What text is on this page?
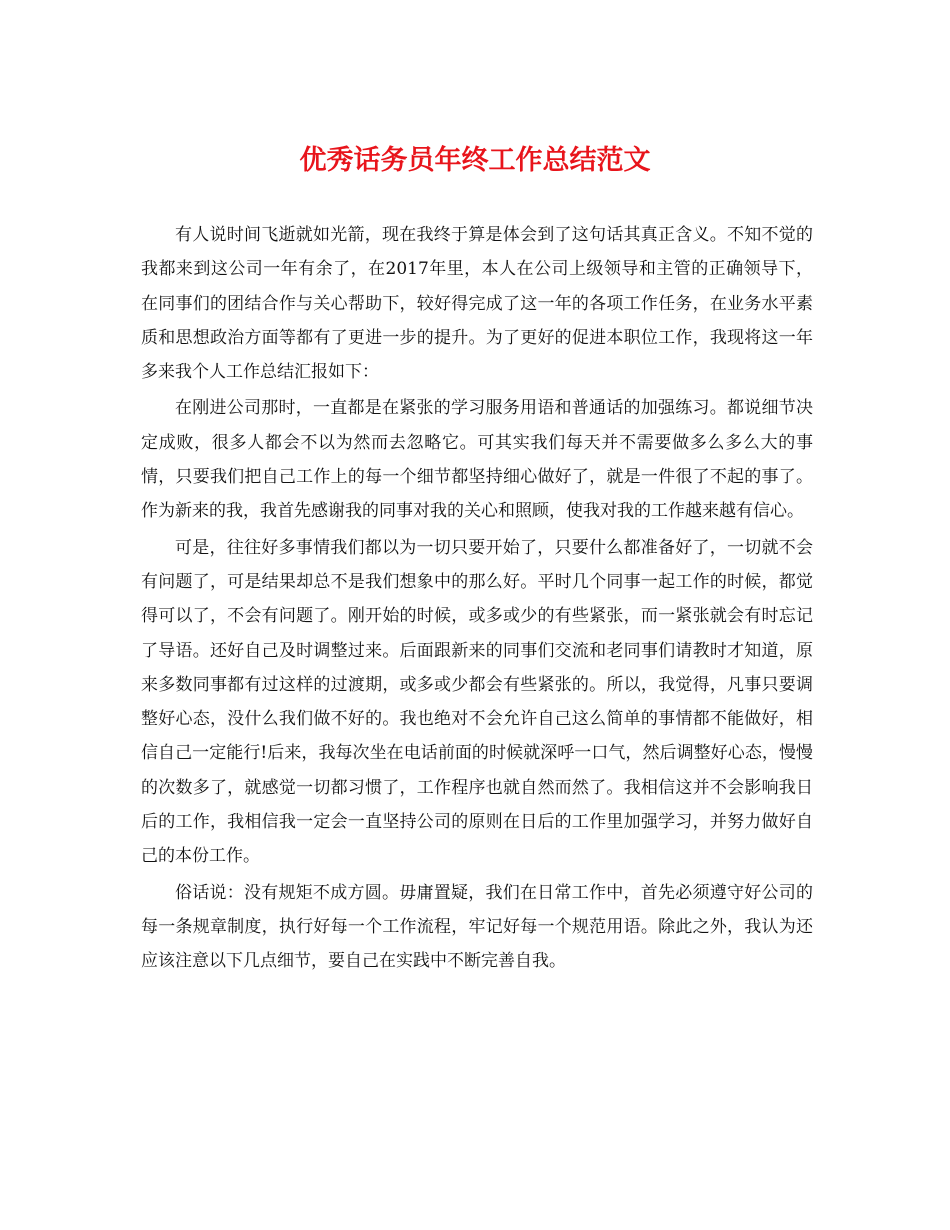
优秀话务员年终工作总结范文

有人说时间飞逝就如光箭，现在我终于算是体会到了这句话其真正含义。不知不觉的我都来到这公司一年有余了，在2017年里，本人在公司上级领导和主管的正确领导下，在同事们的团结合作与关心帮助下，较好得完成了这一年的各项工作任务，在业务水平素质和思想政治方面等都有了更进一步的提升。为了更好的促进本职位工作，我现将这一年多来我个人工作总结汇报如下：

在刚进公司那时，一直都是在紧张的学习服务用语和普通话的加强练习。都说细节决定成败，很多人都会不以为然而去忽略它。可其实我们每天并不需要做多么多么大的事情，只要我们把自己工作上的每一个细节都坚持细心做好了，就是一件很了不起的事了。作为新来的我，我首先感谢我的同事对我的关心和照顾，使我对我的工作越来越有信心。

可是，往往好多事情我们都以为一切只要开始了，只要什么都准备好了，一切就不会有问题了，可是结果却总不是我们想象中的那么好。平时几个同事一起工作的时候，都觉得可以了，不会有问题了。刚开始的时候，或多或少的有些紧张，而一紧张就会有时忘记了导语。还好自己及时调整过来。后面跟新来的同事们交流和老同事们请教时才知道，原来多数同事都有过这样的过渡期，或多或少都会有些紧张的。所以，我觉得，凡事只要调整好心态，没什么我们做不好的。我也绝对不会允许自己这么简单的事情都不能做好，相信自己一定能行!后来，我每次坐在电话前面的时候就深呼一口气，然后调整好心态，慢慢的次数多了，就感觉一切都习惯了，工作程序也就自然而然了。我相信这并不会影响我日后的工作，我相信我一定会一直坚持公司的原则在日后的工作里加强学习，并努力做好自己的本份工作。

俗话说：没有规矩不成方圆。毋庸置疑，我们在日常工作中，首先必须遵守好公司的每一条规章制度，执行好每一个工作流程，牢记好每一个规范用语。除此之外，我认为还应该注意以下几点细节，要自己在实践中不断完善自我。
